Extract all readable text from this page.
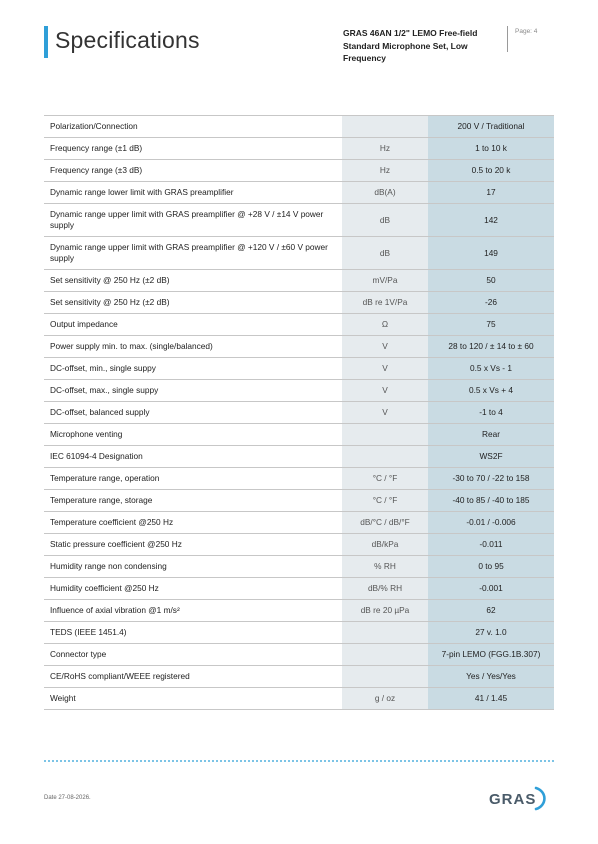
Specifications	GRAS 46AN 1/2" LEMO Free-field Standard Microphone Set, Low Frequency
Page: 4
Polarization/Connection		200 V / Traditional
Frequency range (±1 dB)	Hz	1 to 10 k
Frequency range (±3 dB)	Hz	0.5 to 20 k
Dynamic range lower limit with GRAS preamplifier	dB(A)	17
Dynamic range upper limit with GRAS preamplifier @ +28 V / ±14 V power supply	dB	142
Dynamic range upper limit with GRAS preamplifier @ +120 V / ±60 V power supply	dB	149
Set sensitivity @ 250 Hz (±2 dB)	mV/Pa	50
Set sensitivity @ 250 Hz (±2 dB)	dB re 1V/Pa	-26
Output impedance	Ω	75
Power supply min. to max. (single/balanced)	V	28 to 120 / ± 14 to ± 60
DC-offset, min., single suppy	V	0.5 x Vs - 1
DC-offset, max., single suppy	V	0.5 x Vs + 4
DC-offset, balanced supply	V	-1 to 4
Microphone venting		Rear
IEC 61094-4 Designation		WS2F
Temperature range, operation	°C / °F	-30 to 70 / -22 to 158
Temperature range, storage	°C / °F	-40 to 85 / -40 to 185
Temperature coefficient @250 Hz	dB/°C / dB/°F	-0.01 / -0.006
Static pressure coefficient @250 Hz	dB/kPa	-0.011
Humidity range non condensing	% RH	0 to 95
Humidity coefficient @250 Hz	dB/% RH	-0.001
Influence of axial vibration @1 m/s²	dB re 20 µPa	62
TEDS (IEEE 1451.4)		27 v. 1.0
Connector type		7-pin LEMO (FGG.1B.307)
CE/RoHS compliant/WEEE registered		Yes / Yes/Yes
Weight	g / oz	41 / 1.45
Date 27-08-2026.	GRAS
